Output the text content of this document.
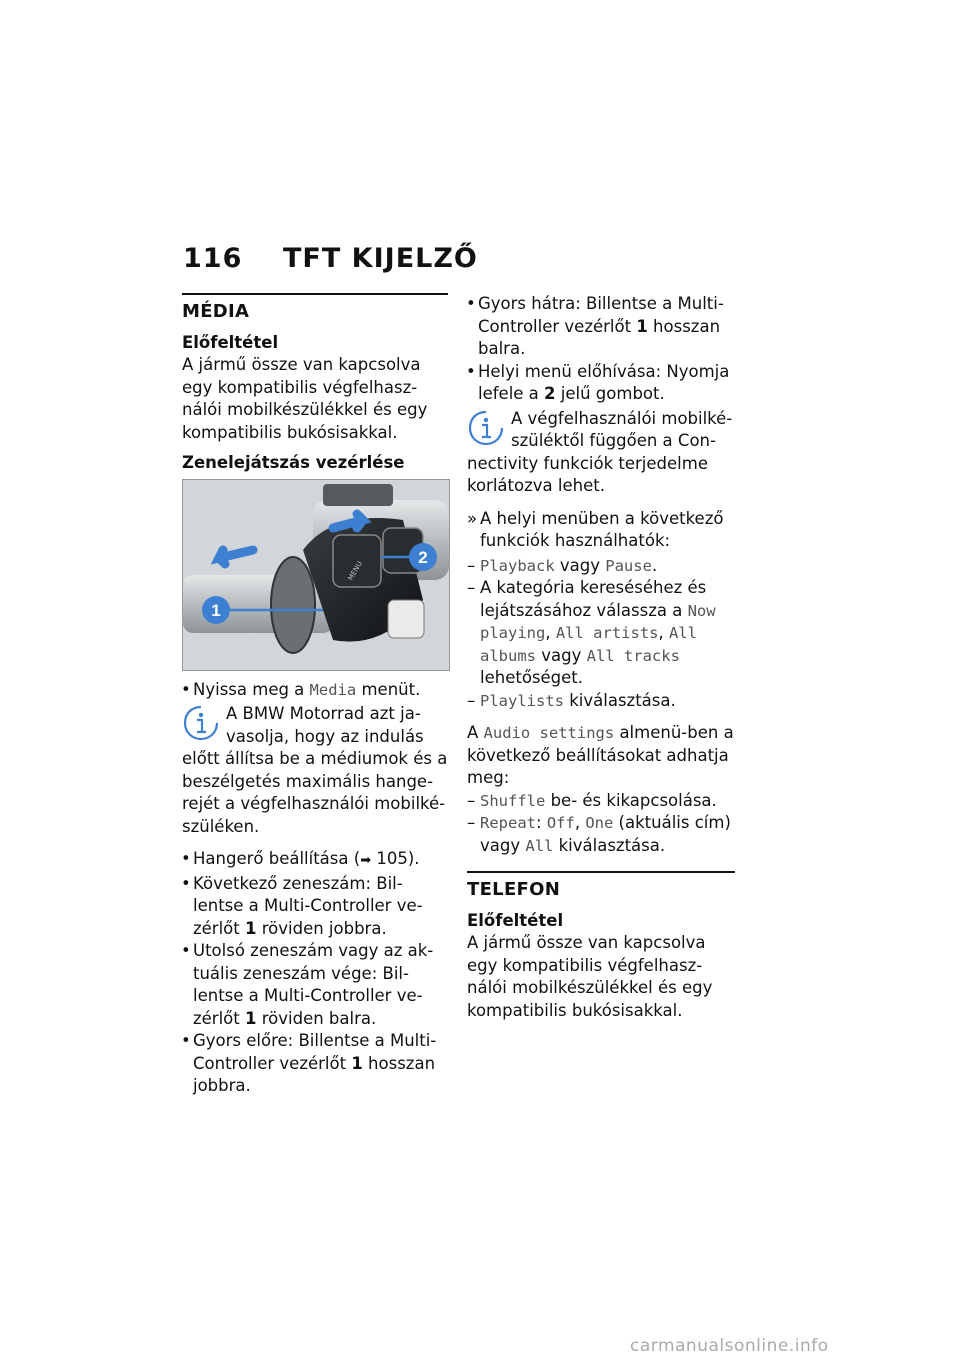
116 TFT KIJELZŐ
MÉDIA

Előfeltétel

A jármű össze van kapcsolva egy kompatibilis végfelhasz-nálói mobilkészülékkel és egy kompatibilis bukósisakkal.

Zenelejátszás vezérlése

1
2
MENU

• Nyissa meg a Media menüt.

A BMW Motorrad azt ja-vasolja, hogy az indulás előtt állítsa be a médiumok és a beszélgetés maximális hange-rejét a végfelhasználói mobilké-szüléken.

• Hangerő beállítása (➡ 105).

• Következő zeneszám: Bil-lentse a Multi-Controller ve-zérlőt 1 röviden jobbra.

• Utolsó zeneszám vagy az ak-tuális zeneszám vége: Bil-lentse a Multi-Controller ve-zérlőt 1 röviden balra.

• Gyors előre: Billentse a Multi-Controller vezérlőt 1 hosszan jobbra.

• Gyors hátra: Billentse a Multi-Controller vezérlőt 1 hosszan balra.

• Helyi menü előhívása: Nyomja lefele a 2 jelű gombot.

A végfelhasználói mobilké-szüléktől függően a Con-nectivity funkciók terjedelme korlátozva lehet.

» A helyi menüben a következő funkciók használhatók:

– Playback vagy Pause.

– A kategória kereséséhez és lejátszásához válassza a Now playing, All artists, All albums vagy All tracks lehetőséget.

– Playlists kiválasztása.

A Audio settings almenü-ben a következő beállításokat adhatja meg:

– Shuffle be- és kikapcsolása.

– Repeat: Off, One (aktuális cím) vagy All kiválasztása.

TELEFON

Előfeltétel

A jármű össze van kapcsolva egy kompatibilis végfelhasz-nálói mobilkészülékkel és egy kompatibilis bukósisakkal.

carmanualsonline.info
